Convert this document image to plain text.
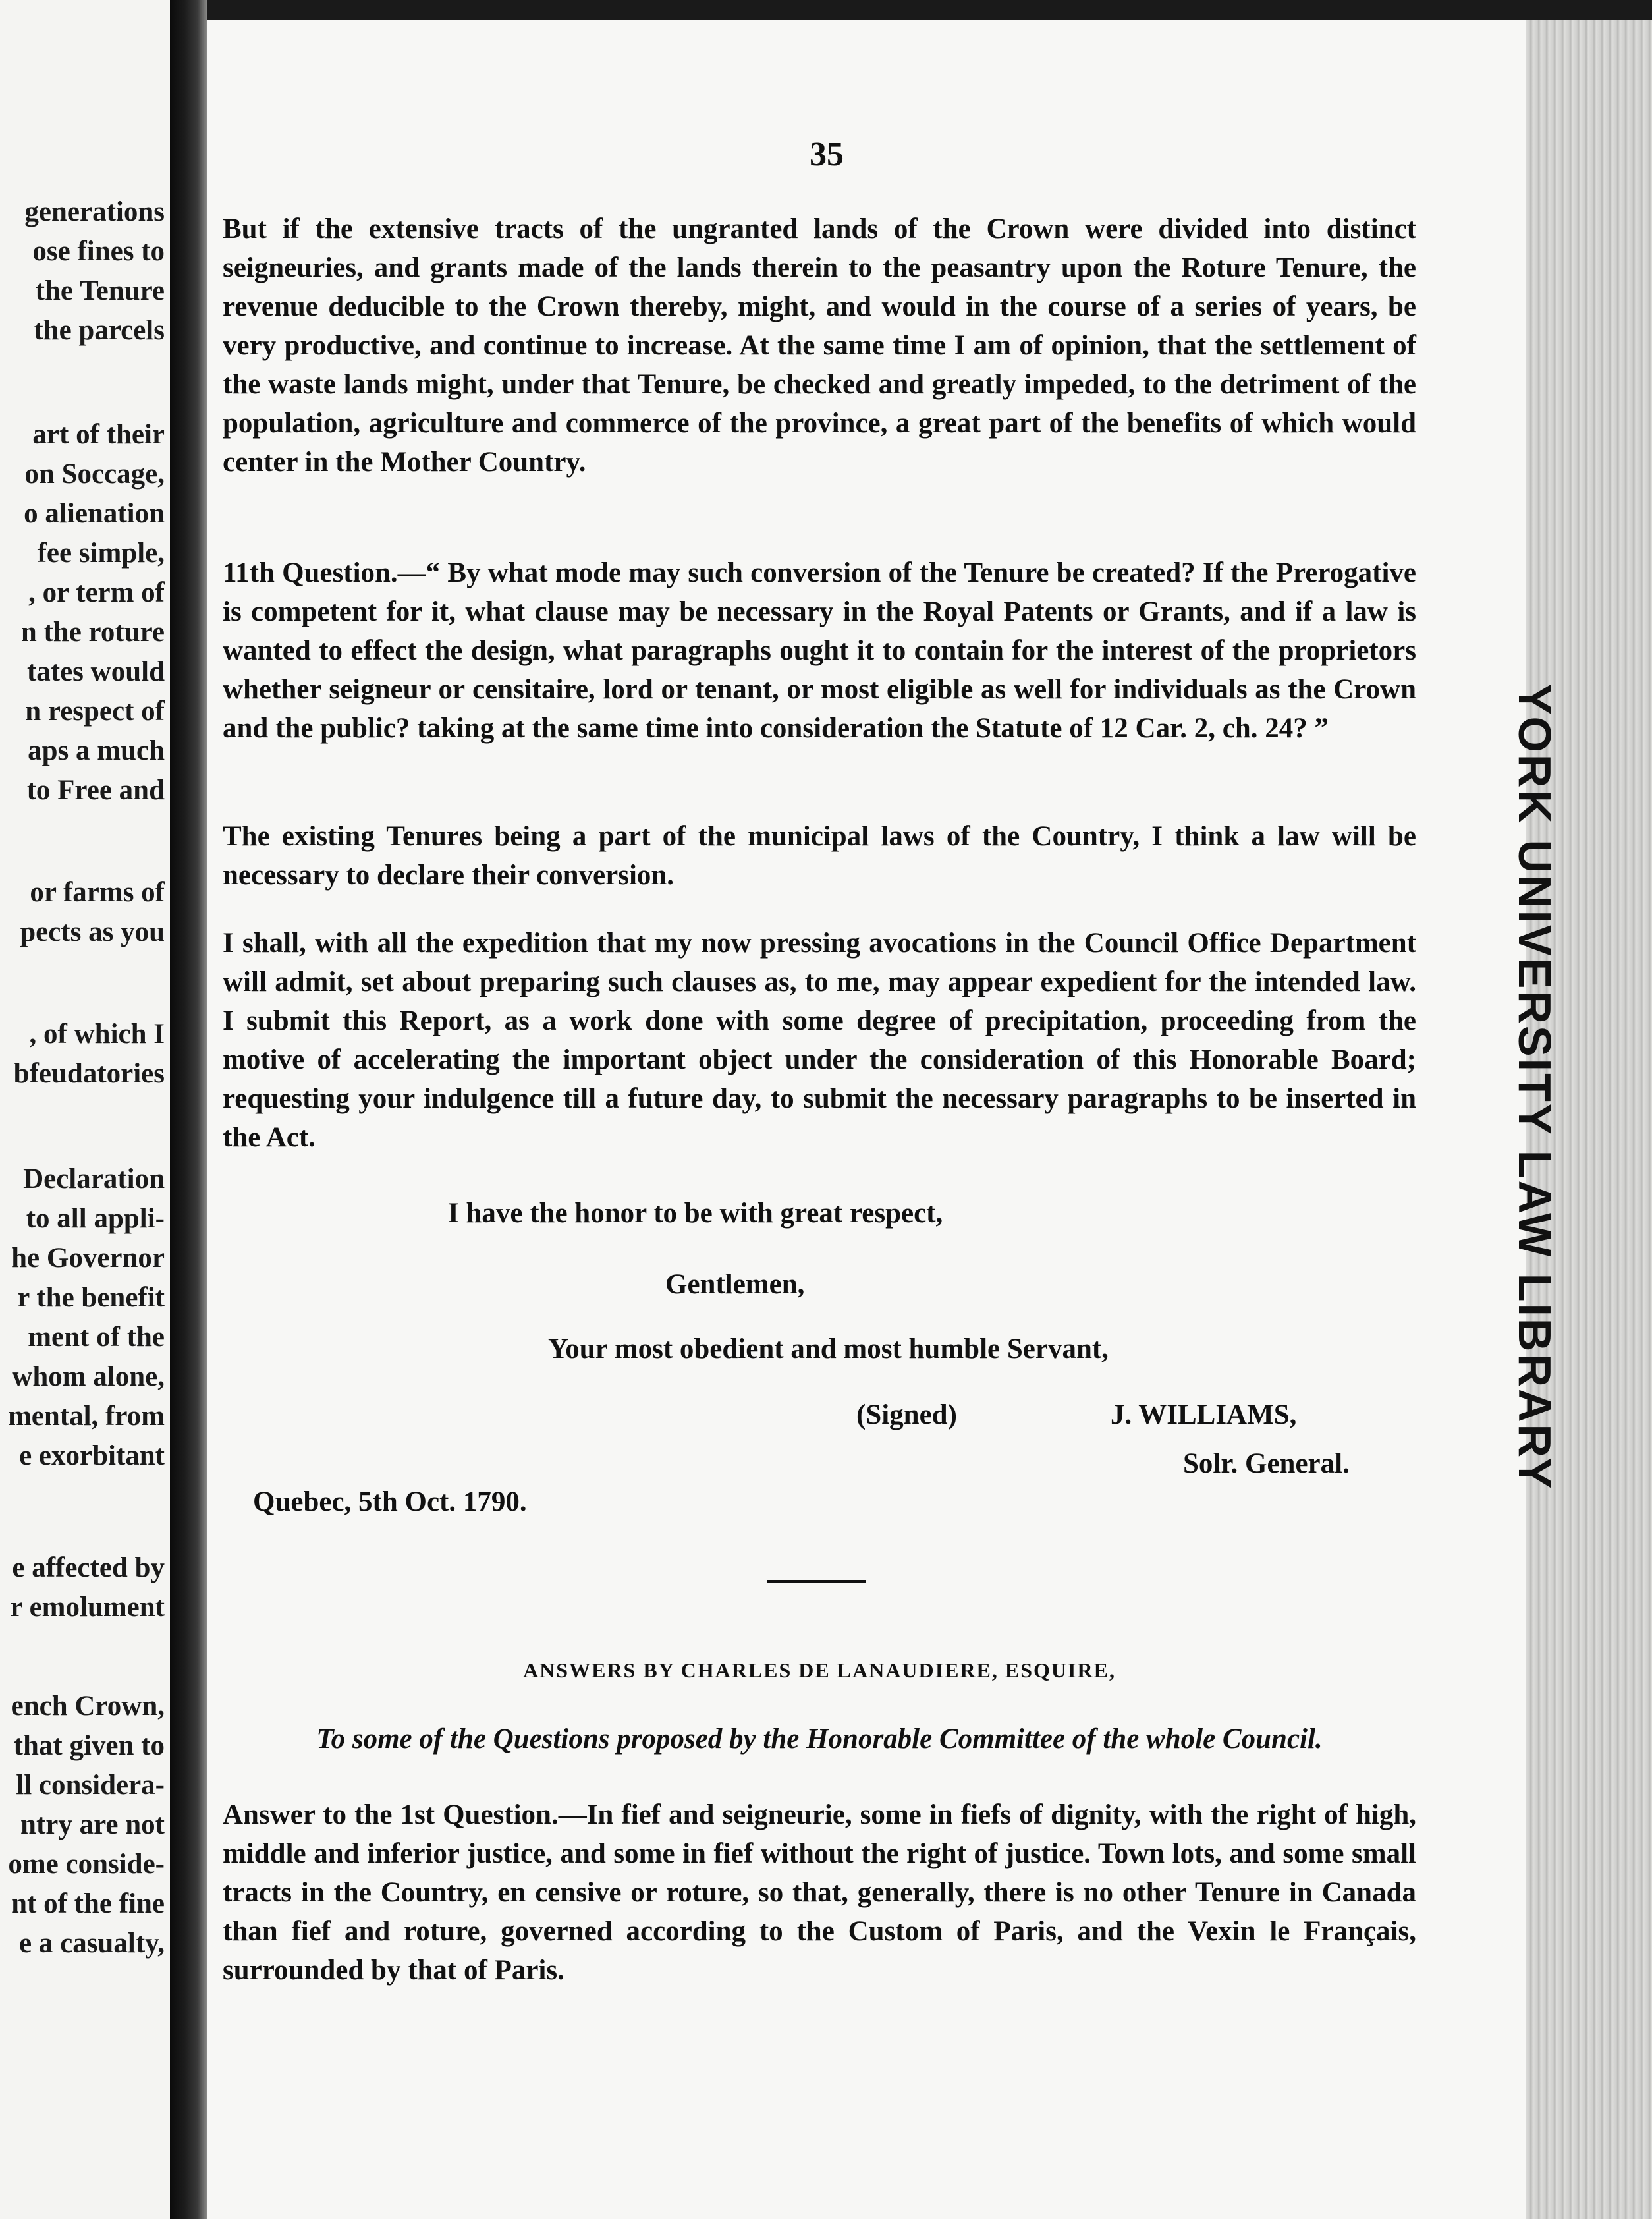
generations
ose fines to
the Tenure
the parcels
art of their
on Soccage,
o alienation
fee simple,
, or term of
n the roture
tates would
n respect of
aps a much
to Free and
or farms of
pects as you
, of which I
bfeudatories
Declaration
to all appli-
he Governor
r the benefit
ment of the
whom alone,
mental, from
e exorbitant
e affected by
r emolument
ench Crown,
that given to
ll considera-
ntry are not
ome conside-
nt of the fine
e a casualty,
YORK UNIVERSITY LAW LIBRARY
35
But if the extensive tracts of the ungranted lands of the Crown were divided into distinct seigneuries, and grants made of the lands therein to the peasantry upon the Roture Tenure, the revenue deducible to the Crown thereby, might, and would in the course of a series of years, be very productive, and continue to increase. At the same time I am of opinion, that the settlement of the waste lands might, under that Tenure, be checked and greatly impeded, to the detriment of the population, agriculture and commerce of the province, a great part of the benefits of which would center in the Mother Country.
11th Question.—“ By what mode may such conversion of the Tenure be created? If the Prerogative is competent for it, what clause may be necessary in the Royal Patents or Grants, and if a law is wanted to effect the design, what paragraphs ought it to contain for the interest of the proprietors whether seigneur or censitaire, lord or tenant, or most eligible as well for individuals as the Crown and the public? taking at the same time into consideration the Statute of 12 Car. 2, ch. 24? ”
The existing Tenures being a part of the municipal laws of the Country, I think a law will be necessary to declare their conversion.
I shall, with all the expedition that my now pressing avocations in the Council Office Department will admit, set about preparing such clauses as, to me, may appear expedient for the intended law. I submit this Report, as a work done with some degree of precipitation, proceeding from the motive of accelerating the important object under the consideration of this Honorable Board; requesting your indulgence till a future day, to submit the necessary paragraphs to be inserted in the Act.
I have the honor to be with great respect,
Gentlemen,
Your most obedient and most humble Servant,
(Signed)	J. WILLIAMS,
Solr. General.
Quebec, 5th Oct. 1790.
ANSWERS BY CHARLES DE LANAUDIERE, ESQUIRE,
To some of the Questions proposed by the Honorable Committee of the whole Council.
Answer to the 1st Question.—In fief and seigneurie, some in fiefs of dignity, with the right of high, middle and inferior justice, and some in fief without the right of justice. Town lots, and some small tracts in the Country, en censive or roture, so that, generally, there is no other Tenure in Canada than fief and roture, governed according to the Custom of Paris, and the Vexin le Français, surrounded by that of Paris.
